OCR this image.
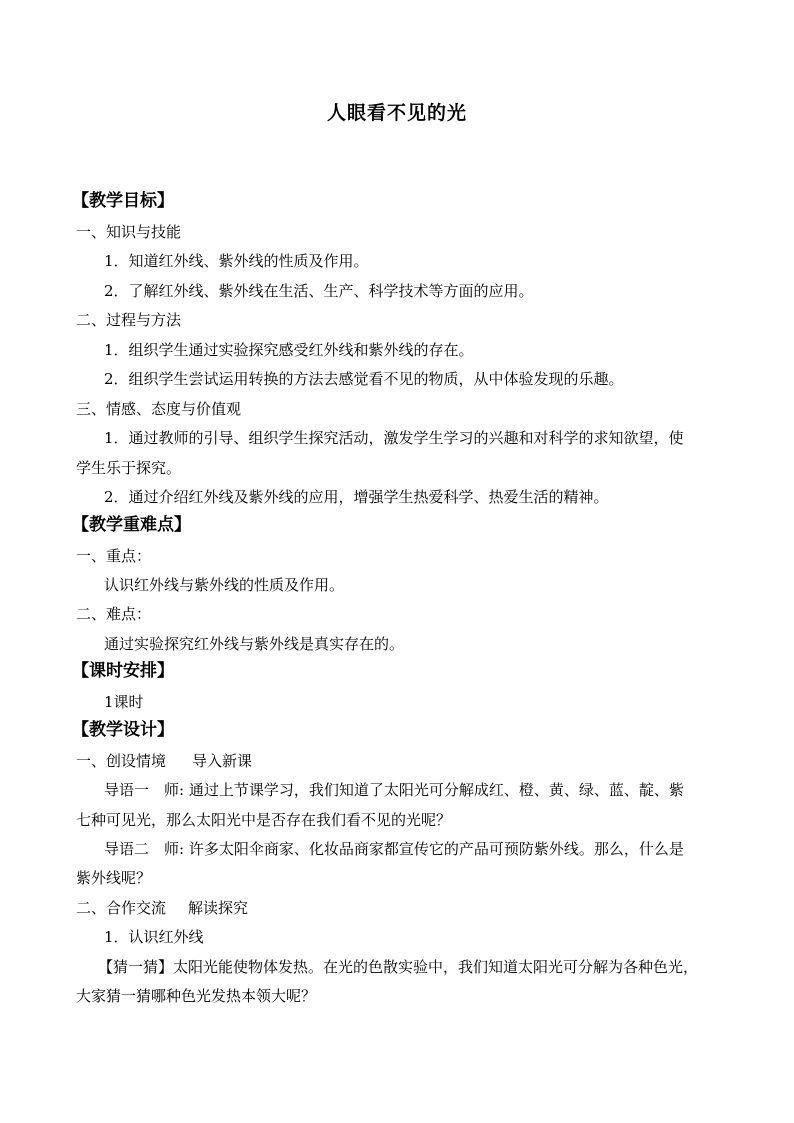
人眼看不见的光

【教学目标】

一、知识与技能

1．知道红外线、紫外线的性质及作用。

2．了解红外线、紫外线在生活、生产、科学技术等方面的应用。

二、过程与方法

1．组织学生通过实验探究感受红外线和紫外线的存在。

2．组织学生尝试运用转换的方法去感觉看不见的物质，从中体验发现的乐趣。

三、情感、态度与价值观

1．通过教师的引导、组织学生探究活动，激发学生学习的兴趣和对科学的求知欲望，使

学生乐于探究。

2．通过介绍红外线及紫外线的应用，增强学生热爱科学、热爱生活的精神。

【教学重难点】

一、重点：

认识红外线与紫外线的性质及作用。

二、难点：

通过实验探究红外线与紫外线是真实存在的。

【课时安排】

1课时

【教学设计】

一、创设情境 导入新课

导语一　师: 通过上节课学习，我们知道了太阳光可分解成红、橙、黄、绿、蓝、靛、紫

七种可见光，那么太阳光中是否存在我们看不见的光呢？

导语二　师: 许多太阳伞商家、化妆品商家都宣传它的产品可预防紫外线。那么，什么是

紫外线呢？

二、合作交流 解读探究

1．认识红外线

【猜一猜】太阳光能使物体发热。在光的色散实验中，我们知道太阳光可分解为各种色光，

大家猜一猜哪种色光发热本领大呢？
